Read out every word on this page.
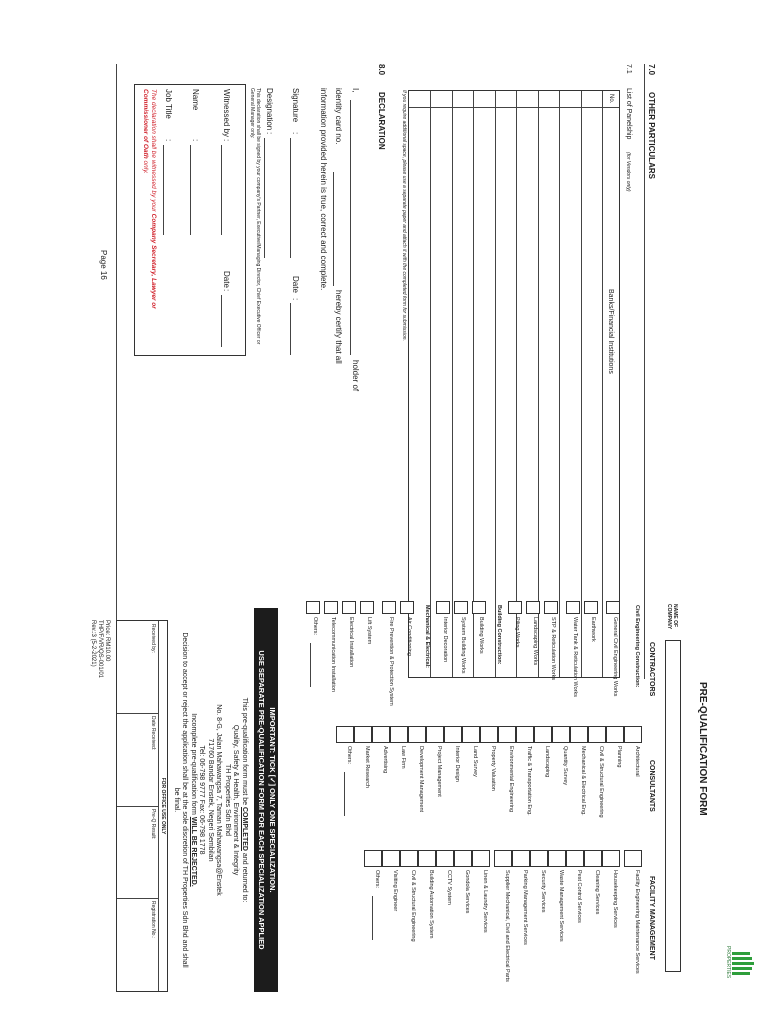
7.0
OTHER PARTICULARS
7.1
List of Panelship
(for Vendors only)
No.
Banks/Financial Institutions
If you require additional space, please use a separate paper and attach it with the completed form for submission.
8.0
DECLARATION
I,
holder of
identity card no.
hereby certify that all
information provided herein is true, correct and complete.
Signature
:
Date
:
Designation
:
This declaration shall be signed by your company's Partner, Executive/Managing Director, Chief Executive Officer or General Manager only.
Witnessed by
:
Date
:
Name
:
Job Title
:
The declaration shall be witnessed by your Company Secretary, Lawyer or Commissioner of Oath only.
Page 16
PROPERTIES
PRE-QUALIFICATION FORM
NAME OF COMPANY
CONTRACTORS
Civil Engineering Construction:
General Civil Engineering Works
Earthwork
Water Tank & Reticulation Works
STP & Reticulation Works
Landscaping Works
Piling Works
Building Construction:
Building Works
System Building Works
Interior Decoration
Mechanical & Electrical:
Air Conditioning
Fire Prevention & Protection System
Lift System
Electrical Installation
Telecommunication Installation
Others:
CONSULTANTS
Architectural
Planning
Civil & Structural Engineering
Mechanical & Electrical Eng.
Quantity Survey
Landscaping
Traffic & Transportation Eng.
Environmental Engineering
Property Valuation
Land Survey
Interior Design
Project Management
Development Management
Law Firm
Advertising
Market Research
Others:
FACILITY MANAGEMENT
Facility Engineering Maintenance Services
Housekeeping Services
Cleaning Services
Pest Control Services
Waste Management Services
Security Services
Parking Management Services
Supplier Mechanical, Civil and Electrical Parts
Linen & Laundry Services
Gondola Services
CCTV System
Building Automation System
Civil & Structural Engineering
Visiting Engineer
Others:
IMPORTANT: TICK [✓] ONLY ONE SPECIALIZATION.
USE SEPARATE PRE-QUALIFICATION FORM FOR EACH SPECIALIZATION APPLIED
This pre-qualification form must be COMPLETED and returned to:
Quality, Safety & Health, Environment & Integrity
TH Properties Sdn Bhd
No. 8-G, Jalan Mahawangsa 7, Taman Mahawangsa@Enstek
71760 Bandar Enstek, Negeri Sembilan
Tel: 06-798 9777 Fax: 06-798 1778
Incomplete pre-qualification form WILL BE REJECTED.
Decision to accept or reject the application shall be at the sole discretion of TH Properties Sdn Bhd and shall be final.
FOR OFFICE USE ONLY
Received by:
Date Received:
Pre-Q Result:
Registration No.:
Price: RM10.00
THP/F/VR/QS-001/01
Rev.:3 (5-2-2021)
